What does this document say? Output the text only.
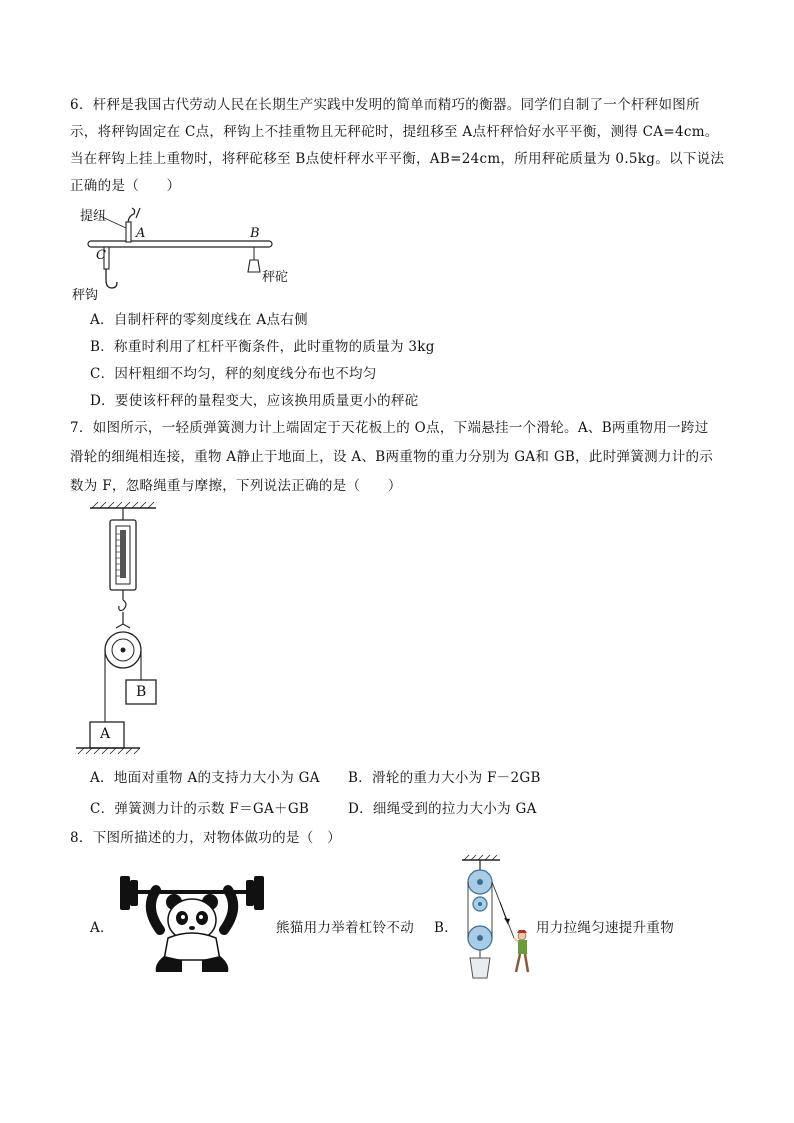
6．杆秤是我国古代劳动人民在长期生产实践中发明的简单而精巧的衡器。同学们自制了一个杆秤如图所
示，将秤钩固定在 C点，秤钩上不挂重物且无秤砣时，提纽移至 A点杆秤恰好水平平衡，测得 CA=4cm。
当在秤钩上挂上重物时，将秤砣移至 B点使杆秤水平平衡，AB=24cm，所用秤砣质量为 0.5kg。以下说法
正确的是（　　）
提纽
A	B
C
秤砣
秤钩
A．自制杆秤的零刻度线在 A点右侧
B．称重时利用了杠杆平衡条件，此时重物的质量为 3kg
C．因杆粗细不均匀，秤的刻度线分布也不均匀
D．要使该杆秤的量程变大，应该换用质量更小的秤砣
7．如图所示，一轻质弹簧测力计上端固定于天花板上的 O点，下端悬挂一个滑轮。A、B两重物用一跨过
滑轮的细绳相连接，重物 A静止于地面上，设 A、B两重物的重力分别为 GA和 GB，此时弹簧测力计的示
数为 F，忽略绳重与摩擦，下列说法正确的是（　　）
B
A
A．地面对重物 A的支持力大小为 GA B．滑轮的重力大小为 F－2GB
C．弹簧测力计的示数 F＝GA＋GB	D．细绳受到的拉力大小为 GA
8．下图所描述的力，对物体做功的是（　）
A．	熊猫用力举着杠铃不动 B．	用力拉绳匀速提升重物
